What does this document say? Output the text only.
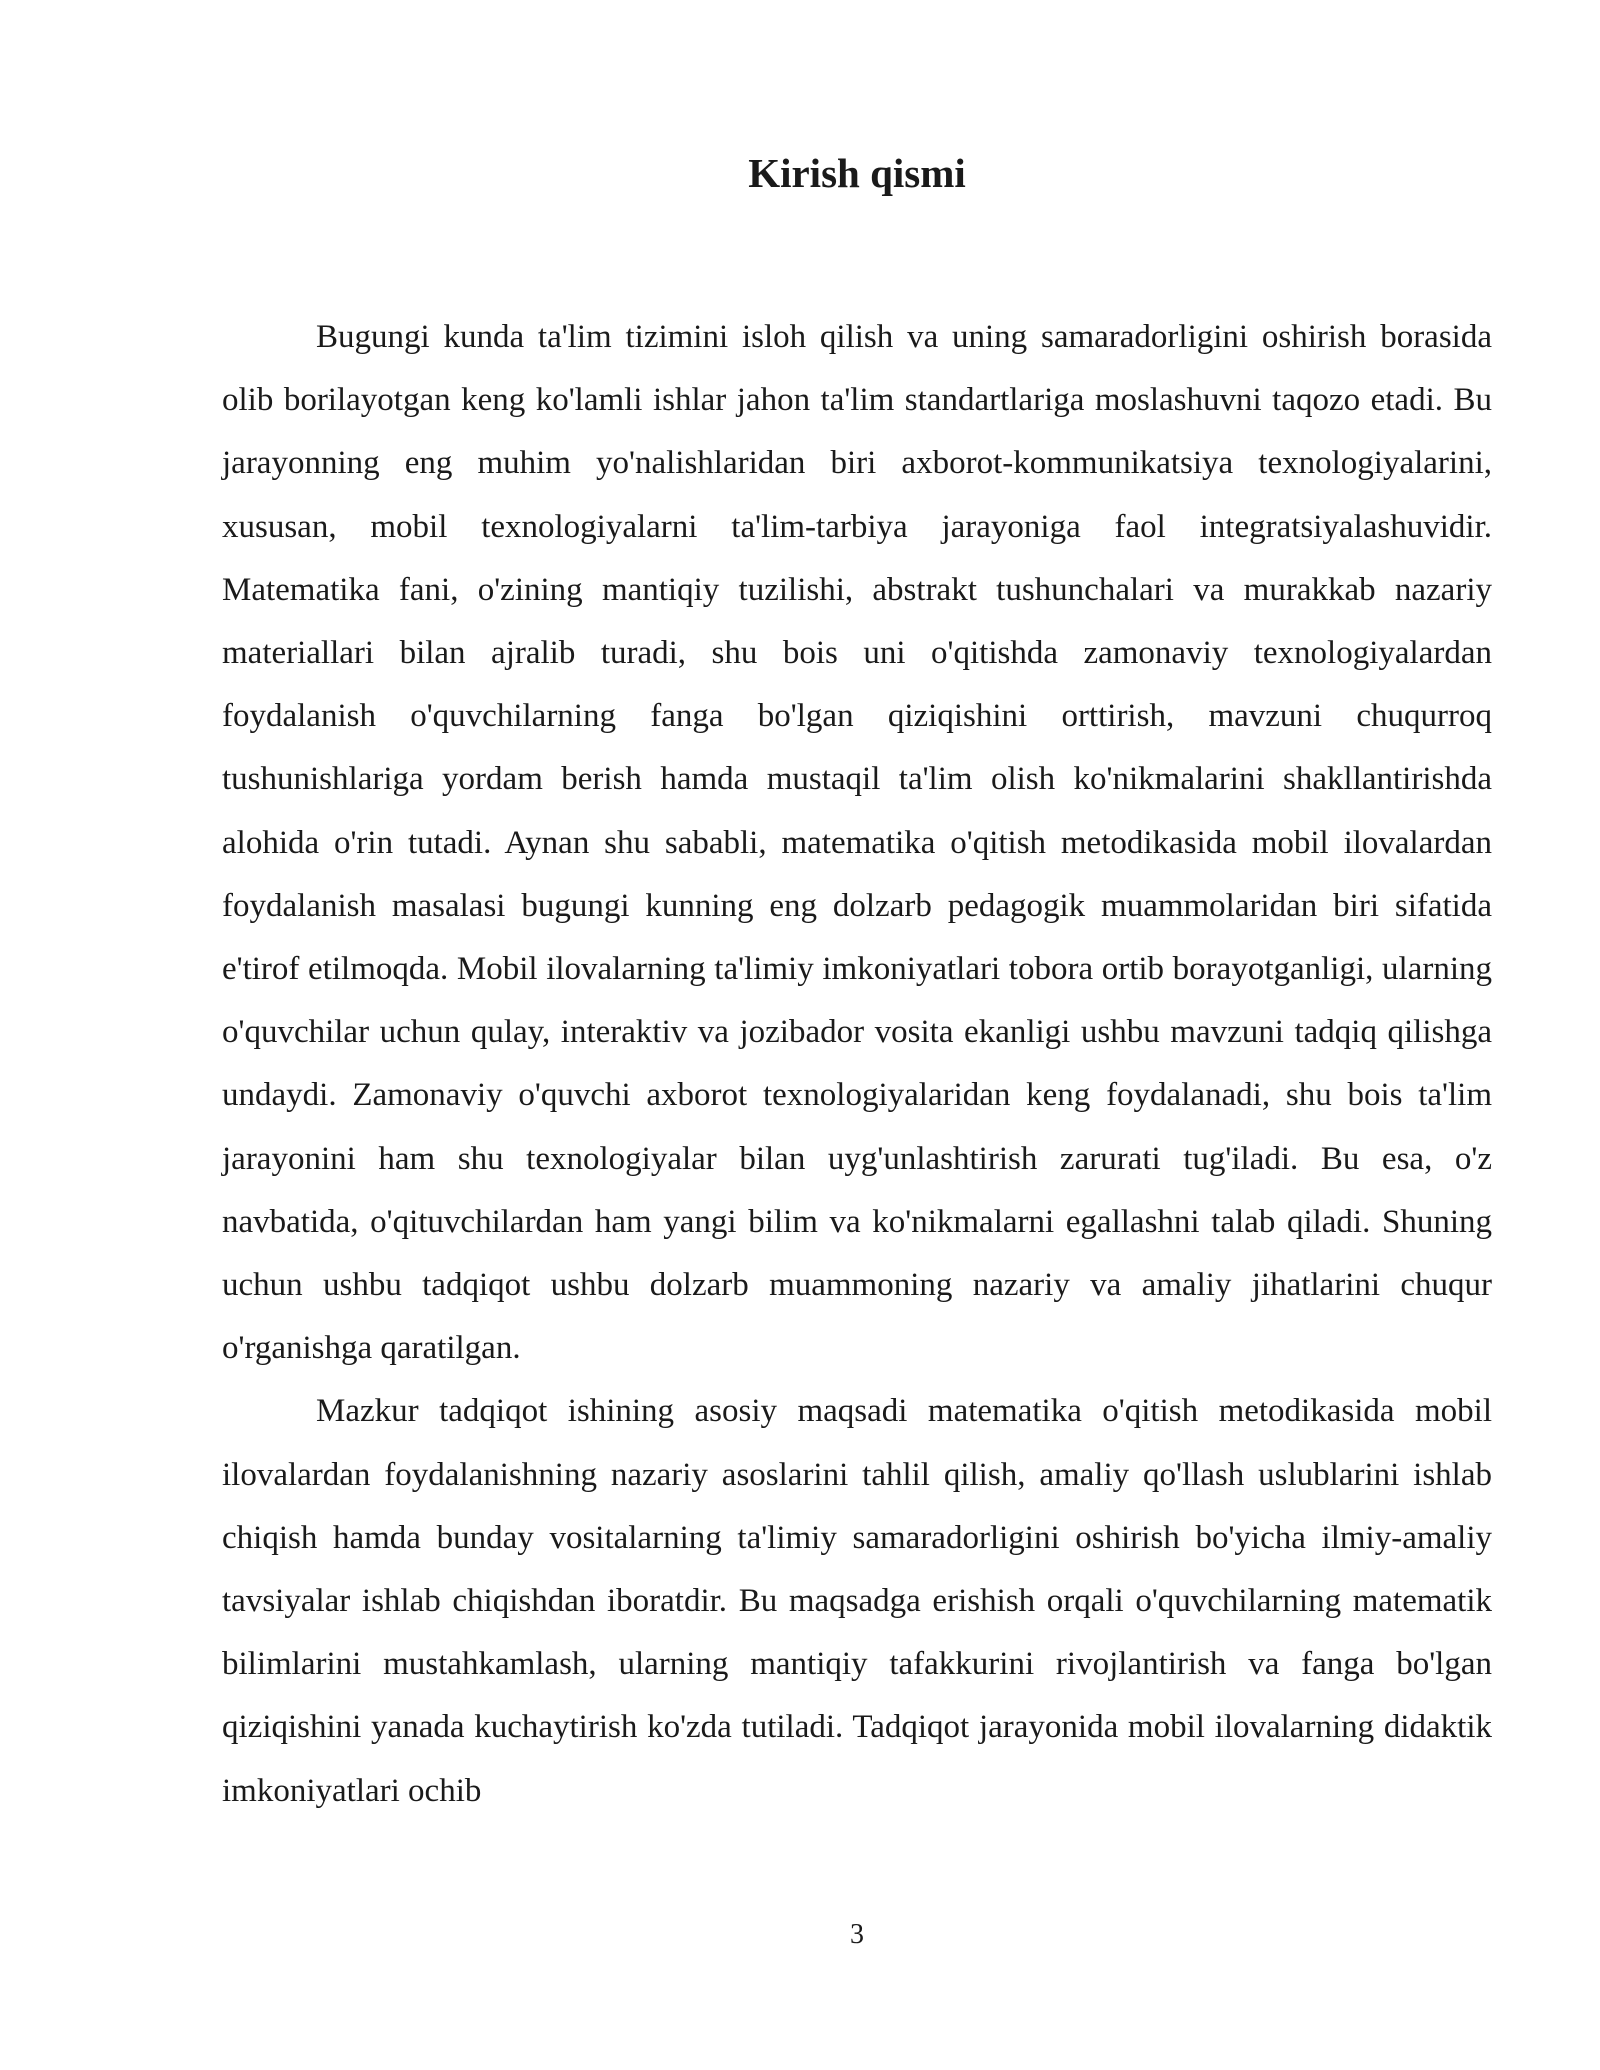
Kirish qismi

Bugungi kunda ta'lim tizimini isloh qilish va uning samaradorligini oshirish borasida olib borilayotgan keng ko'lamli ishlar jahon ta'lim standartlariga moslashuvni taqozo etadi. Bu jarayonning eng muhim yo'nalishlaridan biri axborot-kommunikatsiya texnologiyalarini, xususan, mobil texnologiyalarni ta'lim-tarbiya jarayoniga faol integratsiyalashuvidir. Matematika fani, o'zining mantiqiy tuzilishi, abstrakt tushunchalari va murakkab nazariy materiallari bilan ajralib turadi, shu bois uni o'qitishda zamonaviy texnologiyalardan foydalanish o'quvchilarning fanga bo'lgan qiziqishini orttirish, mavzuni chuqurroq tushunishlariga yordam berish hamda mustaqil ta'lim olish ko'nikmalarini shakllantirishda alohida o'rin tutadi. Aynan shu sababli, matematika o'qitish metodikasida mobil ilovalardan foydalanish masalasi bugungi kunning eng dolzarb pedagogik muammolaridan biri sifatida e'tirof etilmoqda. Mobil ilovalarning ta'limiy imkoniyatlari tobora ortib borayotganligi, ularning o'quvchilar uchun qulay, interaktiv va jozibador vosita ekanligi ushbu mavzuni tadqiq qilishga undaydi. Zamonaviy o'quvchi axborot texnologiyalaridan keng foydalanadi, shu bois ta'lim jarayonini ham shu texnologiyalar bilan uyg'unlashtirish zarurati tug'iladi. Bu esa, o'z navbatida, o'qituvchilardan ham yangi bilim va ko'nikmalarni egallashni talab qiladi. Shuning uchun ushbu tadqiqot ushbu dolzarb muammoning nazariy va amaliy jihatlarini chuqur o'rganishga qaratilgan.

Mazkur tadqiqot ishining asosiy maqsadi matematika o'qitish metodikasida mobil ilovalardan foydalanishning nazariy asoslarini tahlil qilish, amaliy qo'llash uslublarini ishlab chiqish hamda bunday vositalarning ta'limiy samaradorligini oshirish bo'yicha ilmiy-amaliy tavsiyalar ishlab chiqishdan iboratdir. Bu maqsadga erishish orqali o'quvchilarning matematik bilimlarini mustahkamlash, ularning mantiqiy tafakkurini rivojlantirish va fanga bo'lgan qiziqishini yanada kuchaytirish ko'zda tutiladi. Tadqiqot jarayonida mobil ilovalarning didaktik imkoniyatlari ochib

3
